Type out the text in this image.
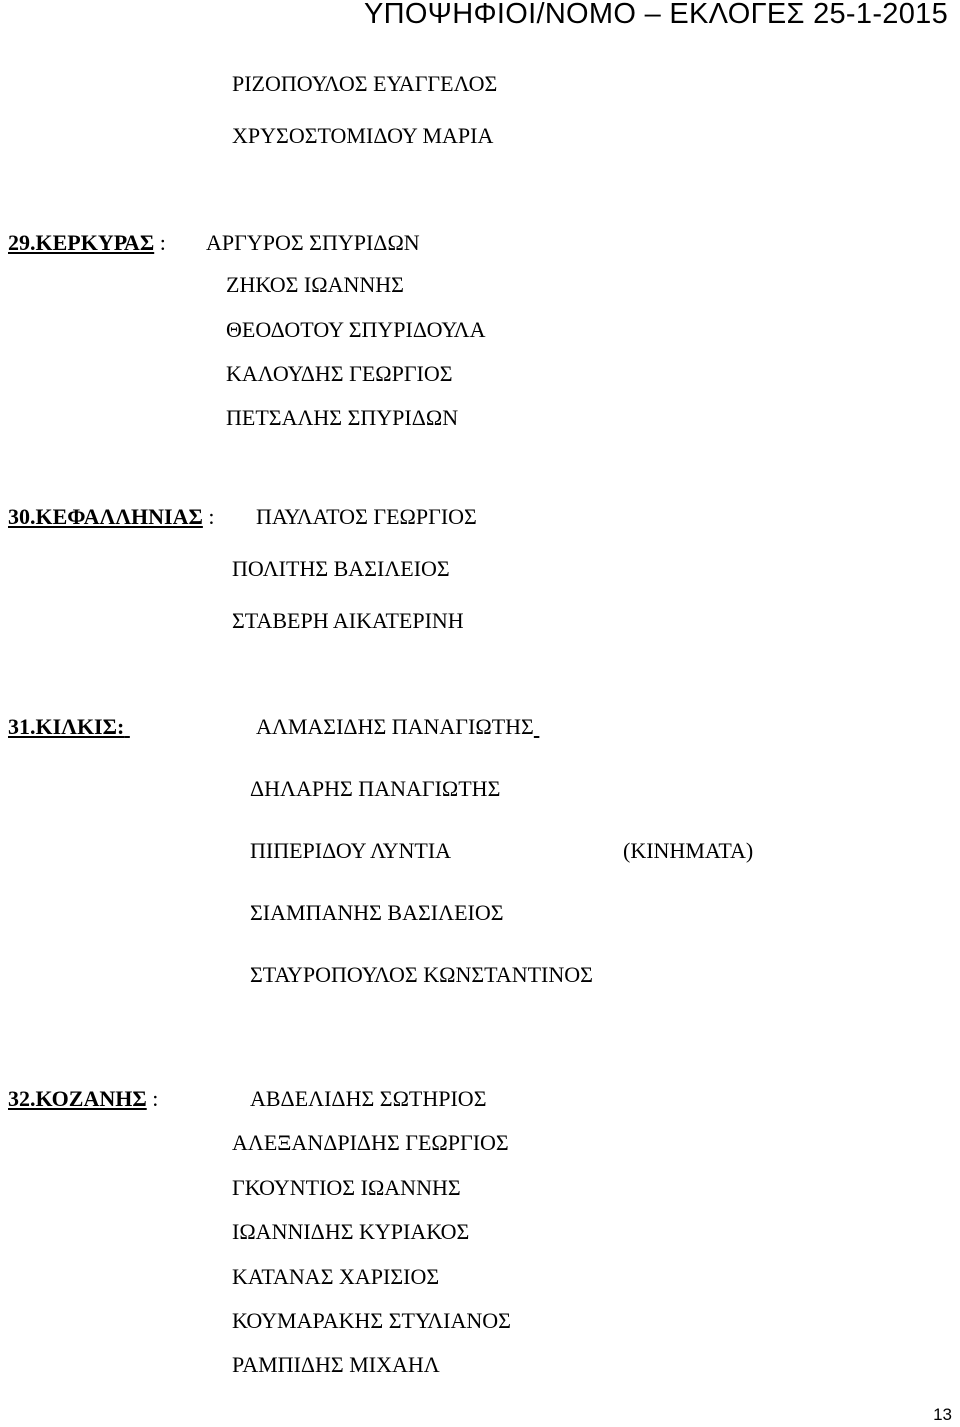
ΥΠΟΨΗΦΙΟΙ/ΝΟΜΟ – ΕΚΛΟΓΕΣ 25-1-2015
ΡΙΖΟΠΟΥΛΟΣ ΕΥΑΓΓΕΛΟΣ
ΧΡΥΣΟΣΤΟΜΙΔΟΥ ΜΑΡΙΑ
29.ΚΕΡΚΥΡΑΣ : ΑΡΓΥΡΟΣ ΣΠΥΡΙΔΩΝ
ΖΗΚΟΣ ΙΩΑΝΝΗΣ
ΘΕΟΔΟΤΟΥ ΣΠΥΡΙΔΟΥΛΑ
ΚΑΛΟΥΔΗΣ ΓΕΩΡΓΙΟΣ
ΠΕΤΣΑΛΗΣ ΣΠΥΡΙΔΩΝ
30.ΚΕΦΑΛΛΗΝΙΑΣ : ΠΑΥΛΑΤΟΣ ΓΕΩΡΓΙΟΣ
ΠΟΛΙΤΗΣ ΒΑΣΙΛΕΙΟΣ
ΣΤΑΒΕΡΗ ΑΙΚΑΤΕΡΙΝΗ
31.ΚΙΛΚΙΣ:	ΑΛΜΑΣΙΔΗΣ ΠΑΝΑΓΙΩΤΗΣ
ΔΗΛΑΡΗΣ ΠΑΝΑΓΙΩΤΗΣ
ΠΙΠΕΡΙΔΟΥ ΛΥΝΤΙΑ	(ΚΙΝΗΜΑΤΑ)
ΣΙΑΜΠΑΝΗΣ ΒΑΣΙΛΕΙΟΣ
ΣΤΑΥΡΟΠΟΥΛΟΣ ΚΩΝΣΤΑΝΤΙΝΟΣ
32.ΚΟΖΑΝΗΣ :	ΑΒΔΕΛΙΔΗΣ ΣΩΤΗΡΙΟΣ
ΑΛΕΞΑΝΔΡΙΔΗΣ ΓΕΩΡΓΙΟΣ
ΓΚΟΥΝΤΙΟΣ ΙΩΑΝΝΗΣ
ΙΩΑΝΝΙΔΗΣ ΚΥΡΙΑΚΟΣ
ΚΑΤΑΝΑΣ ΧΑΡΙΣΙΟΣ
ΚΟΥΜΑΡΑΚΗΣ ΣΤΥΛΙΑΝΟΣ
ΡΑΜΠΙΔΗΣ ΜΙΧΑΗΛ
13
